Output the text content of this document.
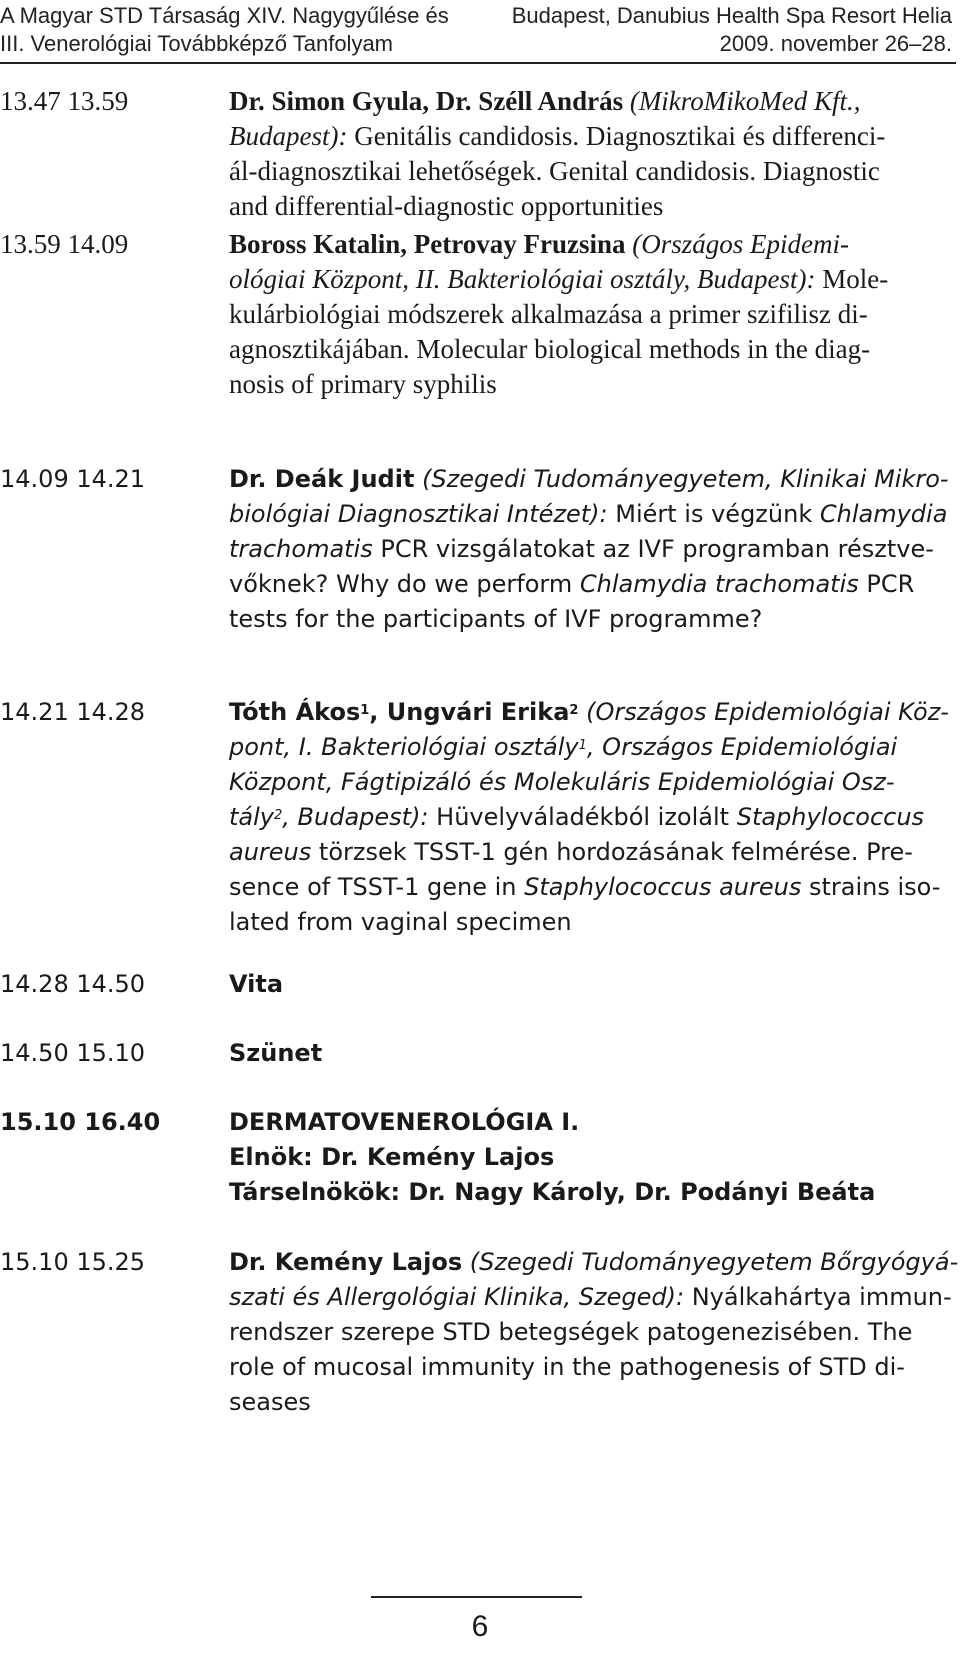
A Magyar STD Társaság XIV. Nagygyűlése és
III. Venerológiai Továbbképző Tanfolyam
Budapest, Danubius Health Spa Resort Helia
2009. november 26–28.
13.47 13.59	Dr. Simon Gyula, Dr. Széll András (MikroMikoMed Kft.,
Budapest): Genitális candidosis. Diagnosztikai és differenci-
ál-diagnosztikai lehetőségek. Genital candidosis. Diagnostic
and differential-diagnostic opportunities
13.59 14.09	Boross Katalin, Petrovay Fruzsina (Országos Epidemi-
ológiai Központ, II. Bakteriológiai osztály, Budapest): Mole-
kulárbiológiai módszerek alkalmazása a primer szifilisz di-
agnosztikájában. Molecular biological methods in the diag-
nosis of primary syphilis
14.09 14.21	Dr. Deák Judit (Szegedi Tudományegyetem, Klinikai Mikro-
biológiai Diagnosztikai Intézet): Miért is végzünk Chlamydia
trachomatis PCR vizsgálatokat az IVF programban résztve-
vőknek? Why do we perform Chlamydia trachomatis PCR
tests for the participants of IVF programme?
14.21 14.28	Tóth Ákos$^1$, Ungvári Erika$^2$ (Országos Epidemiológiai Köz-
pont, I. Bakteriológiai osztály$^1$, Országos Epidemiológiai
Központ, Fágtipizáló és Molekuláris Epidemiológiai Osz-
tály$^2$, Budapest): Hüvelyváladékból izolált Staphylococcus
aureus törzsek TSST-1 gén hordozásának felmérése. Pre-
sence of TSST-1 gene in Staphylococcus aureus strains iso-
lated from vaginal specimen
14.28 14.50	Vita
14.50 15.10	Szünet
15.10 16.40	DERMATOVENEROLÓGIA I.
Elnök: Dr. Kemény Lajos
Társelnökök: Dr. Nagy Károly, Dr. Podányi Beáta
15.10 15.25	Dr. Kemény Lajos (Szegedi Tudományegyetem Bőrgyógyá-
szati és Allergológiai Klinika, Szeged): Nyálkahártya immun-
rendszer szerepe STD betegségek patogenezisében. The
role of mucosal immunity in the pathogenesis of STD di-
seases
6
